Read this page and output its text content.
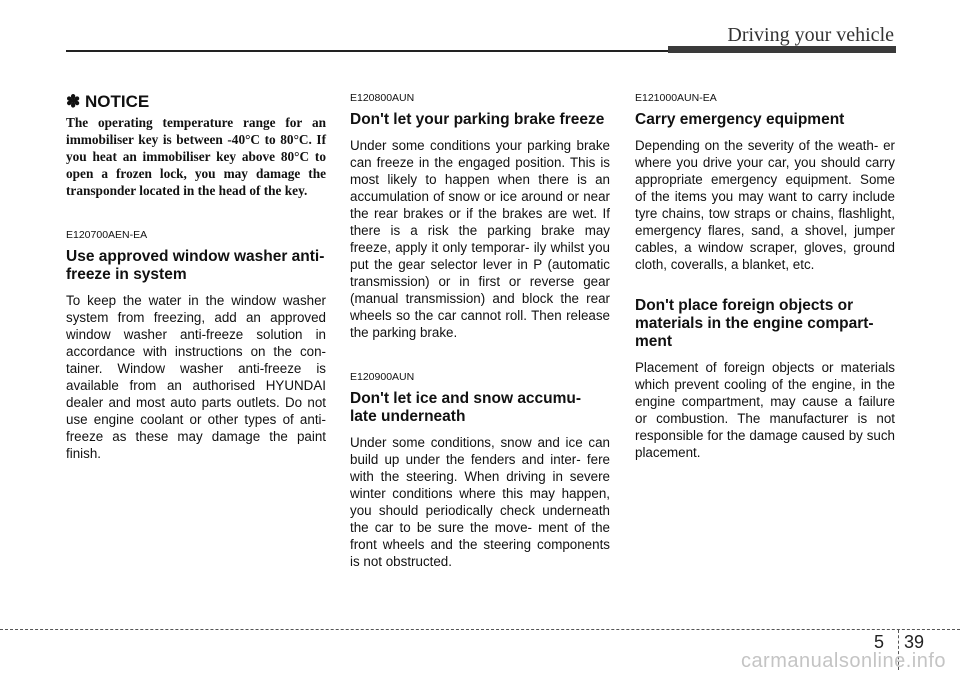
Driving your vehicle
✽ NOTICE

The operating temperature range for an immobiliser key is between -40°C to 80°C. If you heat an immobiliser key above 80°C to open a frozen lock, you may damage the transponder located in the head of the key.

E120700AEN-EA
Use approved window washer anti-freeze in system

To keep the water in the window washer system from freezing, add an approved window washer anti-freeze solution in accordance with instructions on the con- tainer. Window washer anti-freeze is available from an authorised HYUNDAI dealer and most auto parts outlets. Do not use engine coolant or other types of anti-freeze as these may damage the paint finish.

E120800AUN
Don't let your parking brake freeze

Under some conditions your parking brake can freeze in the engaged position. This is most likely to happen when there is an accumulation of snow or ice around or near the rear brakes or if the brakes are wet. If there is a risk the parking brake may freeze, apply it only temporar- ily whilst you put the gear selector lever in P (automatic transmission) or in first or reverse gear (manual transmission) and block the rear wheels so the car cannot roll. Then release the parking brake.

E120900AUN
Don't let ice and snow accumu- late underneath

Under some conditions, snow and ice can build up under the fenders and inter- fere with the steering. When driving in severe winter conditions where this may happen, you should periodically check underneath the car to be sure the move- ment of the front wheels and the steering components is not obstructed.

E121000AUN-EA
Carry emergency equipment

Depending on the severity of the weath- er where you drive your car, you should carry appropriate emergency equipment. Some of the items you may want to carry include tyre chains, tow straps or chains, flashlight, emergency flares, sand, a shovel, jumper cables, a window scraper, gloves, ground cloth, coveralls, a blanket, etc.

Don't place foreign objects or materials in the engine compart- ment

Placement of foreign objects or materials which prevent cooling of the engine, in the engine compartment, may cause a failure or combustion. The manufacturer is not responsible for the damage caused by such placement.

5 39
carmanualsonline.info
